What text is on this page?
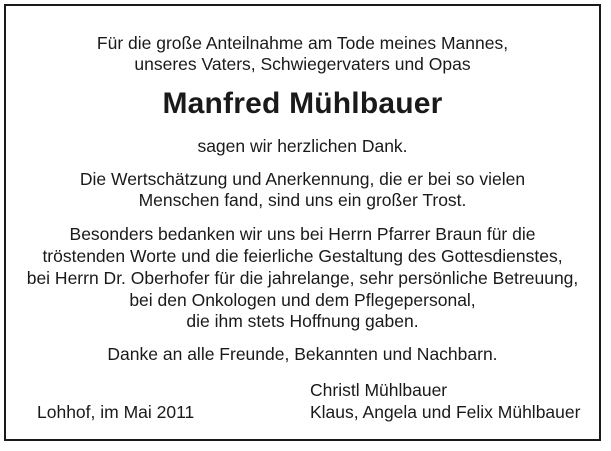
Für die große Anteilnahme am Tode meines Mannes,
unseres Vaters, Schwiegervaters und Opas
Manfred Mühlbauer
sagen wir herzlichen Dank.
Die Wertschätzung und Anerkennung, die er bei so vielen
Menschen fand, sind uns ein großer Trost.
Besonders bedanken wir uns bei Herrn Pfarrer Braun für die
tröstenden Worte und die feierliche Gestaltung des Gottesdienstes,
bei Herrn Dr. Oberhofer für die jahrelange, sehr persönliche Betreuung,
bei den Onkologen und dem Pflegepersonal,
die ihm stets Hoffnung gaben.
Danke an alle Freunde, Bekannten und Nachbarn.
Lohhof, im Mai 2011
Christl Mühlbauer
Klaus, Angela und Felix Mühlbauer
